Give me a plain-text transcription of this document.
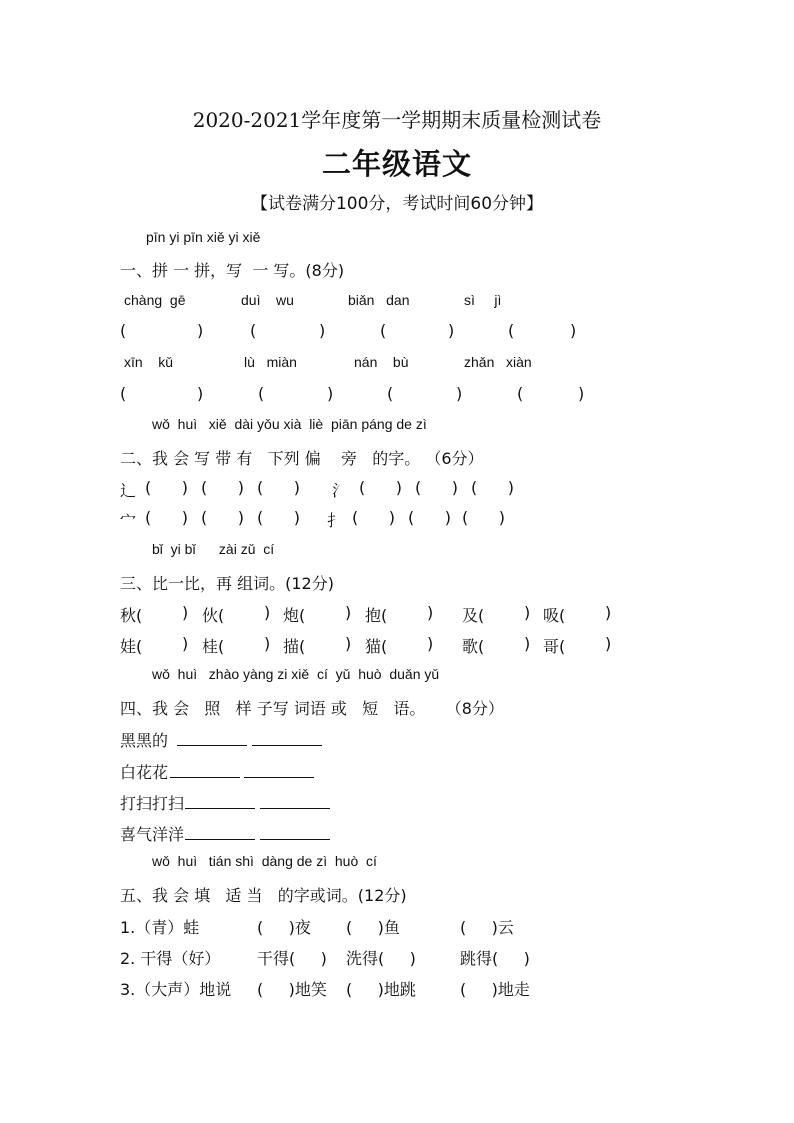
2020-2021学年度第一学期期末质量检测试卷
二年级语文
【试卷满分100分，考试时间60分钟】
pīn yi pīn xiě yi xiě
一、拼 一 拼，写  一 写。(8分)
chàng  gē	duì    wu	biǎn   dan	sì     jì
(	)	(	)	(	)	(	)
xīn    kǔ	lù   miàn	nán    bù	zhǎn   xiàn
(	)	(	)	(	)	(	)
wǒ  huì   xiě  dài yǒu xià  liè  piān páng de zì
二、我 会 写 带 有   下列 偏    旁   的字。 （6分）
辶 (      ) (      ) (      ) 氵 (      ) (      ) (      )
宀 (      ) (      ) (      ) 扌 (      ) (      ) (      )
bǐ  yi bǐ      zài zǔ  cí
三、比一比，再 组词。(12分)
秋( ) 伙( ) 炮( ) 抱( ) 及( ) 吸( )
娃( ) 桂( ) 描( ) 猫( ) 歌( ) 哥( )
wǒ  huì   zhào yàng zi xiě  cí  yǔ  huò  duǎn yǔ
四、我 会   照   样 子写 词语 或   短   语。    （8分）
黑黑的
白花花
打扫打扫
喜气洋洋
wǒ  huì   tián shì  dàng de zì  huò  cí
五、我 会 填   适 当   的字或词。(12分)
1.（青）蛙	(     )夜 (     )鱼	(     )云
2. 干得（好） 干得(     ) 洗得(     )	跳得(     )
3.（大声）地说 (     )地笑 (     )地跳	(     )地走
